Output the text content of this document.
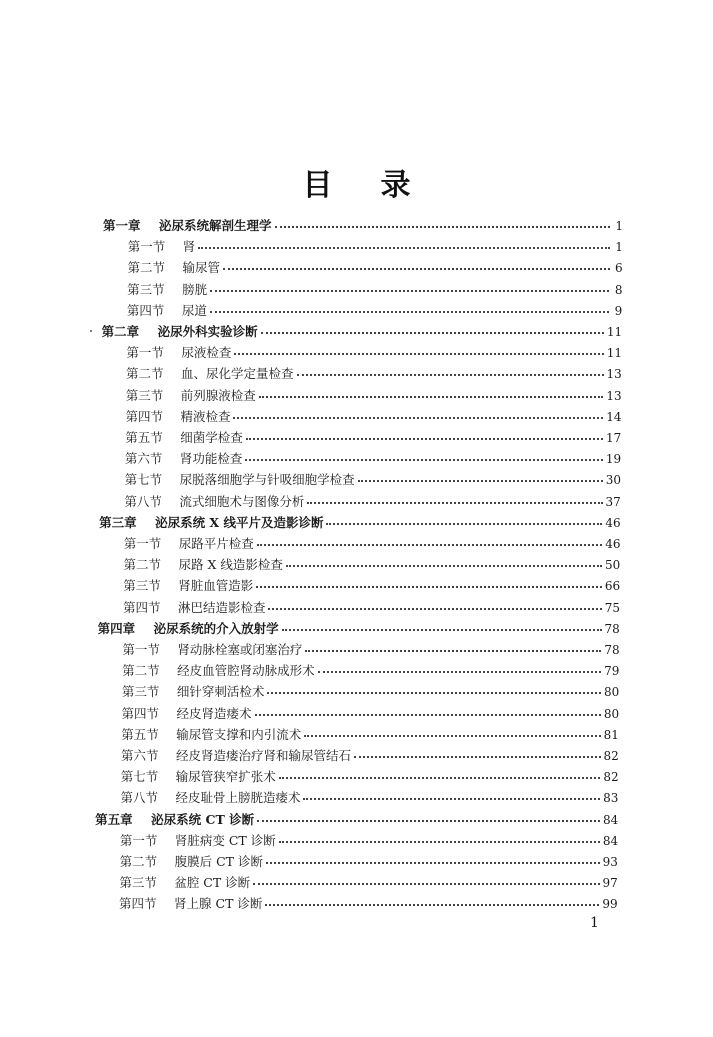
目 录
第一章	泌尿系统解剖生理学	1
第一节	肾	1
第二节	输尿管	6
第三节	膀胱	8
第四节	尿道	9
第二章	泌尿外科实验诊断	11
第一节	尿液检查	11
第二节	血、尿化学定量检查	13
第三节	前列腺液检查	13
第四节	精液检查	14
第五节	细菌学检查	17
第六节	肾功能检查	19
第七节	尿脱落细胞学与针吸细胞学检查	30
第八节	流式细胞术与图像分析	37
第三章	泌尿系统 X 线平片及造影诊断	46
第一节	尿路平片检查	46
第二节	尿路 X 线造影检查	50
第三节	肾脏血管造影	66
第四节	淋巴结造影检查	75
第四章	泌尿系统的介入放射学	78
第一节	肾动脉栓塞或闭塞治疗	78
第二节	经皮血管腔肾动脉成形术	79
第三节	细针穿刺活检术	80
第四节	经皮肾造瘘术	80
第五节	输尿管支撑和内引流术	81
第六节	经皮肾造瘘治疗肾和输尿管结石	82
第七节	输尿管狭窄扩张术	82
第八节	经皮耻骨上膀胱造瘘术	83
第五章	泌尿系统 CT 诊断	84
第一节	肾脏病变 CT 诊断	84
第二节	腹膜后 CT 诊断	93
第三节	盆腔 CT 诊断	97
第四节	肾上腺 CT 诊断	99
1
